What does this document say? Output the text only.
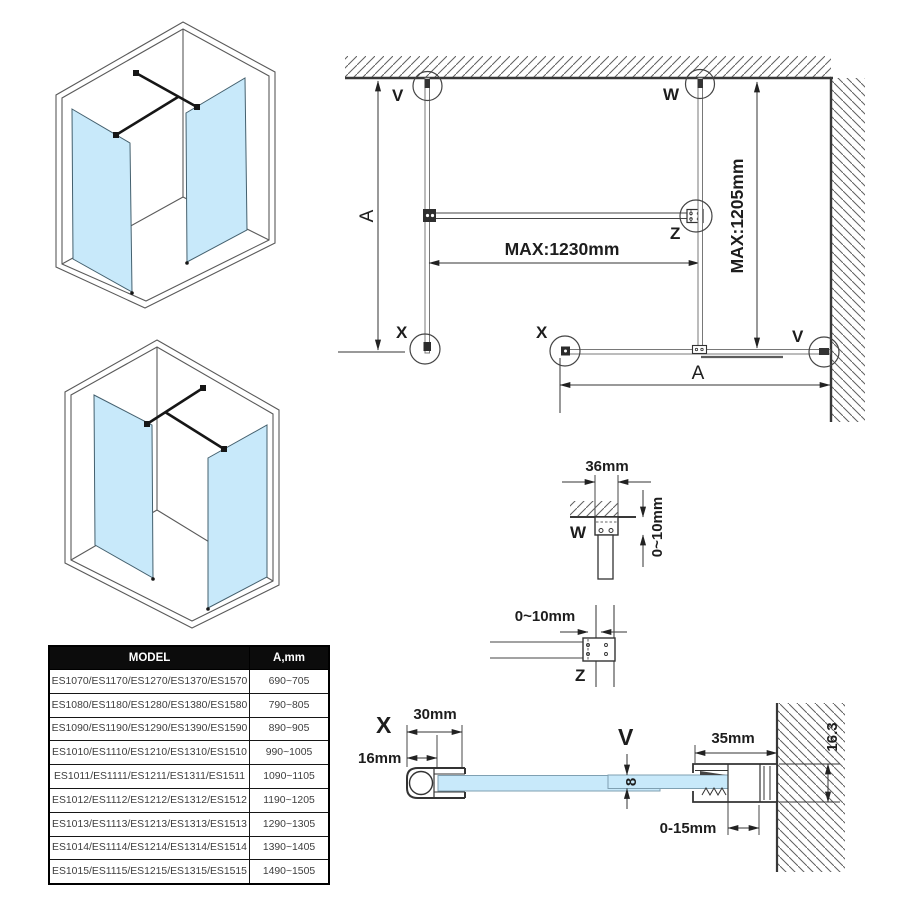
A
MAX:1230mm	MAX:1205mm
A
V	W
Z
X	X	V
36mm
W	0~10mm
0~10mm
Z
X 30mm
16mm
V	16.3
35mm
8
0-15mm
MODEL	A,mm
ES1070/ES1170/ES1270/ES1370/ES1570	690~705
ES1080/ES1180/ES1280/ES1380/ES1580	790~805
ES1090/ES1190/ES1290/ES1390/ES1590	890~905
ES1010/ES1110/ES1210/ES1310/ES1510	990~1005
ES1011/ES1111/ES1211/ES1311/ES1511	1090~1105
ES1012/ES1112/ES1212/ES1312/ES1512	1190~1205
ES1013/ES1113/ES1213/ES1313/ES1513	1290~1305
ES1014/ES1114/ES1214/ES1314/ES1514	1390~1405
ES1015/ES1115/ES1215/ES1315/ES1515	1490~1505
